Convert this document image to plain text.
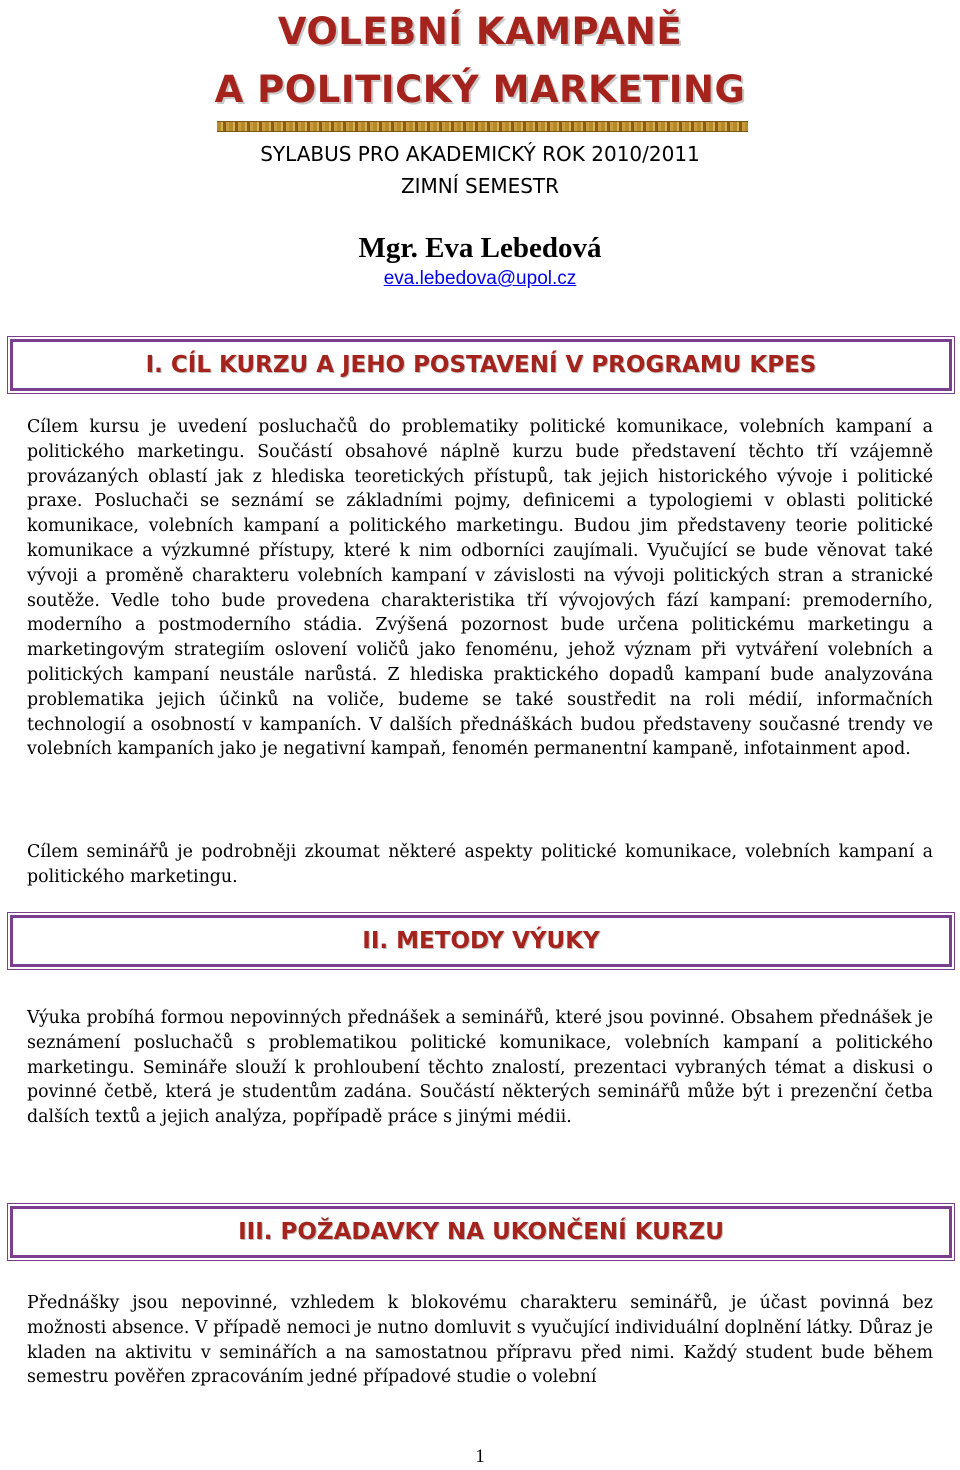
VOLEBNÍ KAMPANĚ
A POLITICKÝ MARKETING
SYLABUS PRO AKADEMICKÝ ROK 2010/2011
ZIMNÍ SEMESTR
Mgr. Eva Lebedová
eva.lebedova@upol.cz
I. CÍL KURZU A JEHO POSTAVENÍ V PROGRAMU KPES

Cílem kursu je uvedení posluchačů do problematiky politické komunikace, volebních kampaní a politického marketingu. Součástí obsahové náplně kurzu bude představení těchto tří vzájemně provázaných oblastí jak z hlediska teoretických přístupů, tak jejich historického vývoje i politické praxe. Posluchači se seznámí se základními pojmy, definicemi a typologiemi v oblasti politické komunikace, volebních kampaní a politického marketingu. Budou jim představeny teorie politické komunikace a výzkumné přístupy, které k nim odborníci zaujímali. Vyučující se bude věnovat také vývoji a proměně charakteru volebních kampaní v závislosti na vývoji politických stran a stranické soutěže. Vedle toho bude provedena charakteristika tří vývojových fází kampaní: premoderního, moderního a postmoderního stádia. Zvýšená pozornost bude určena politickému marketingu a marketingovým strategiím oslovení voličů jako fenoménu, jehož význam při vytváření volebních a politických kampaní neustále narůstá. Z hlediska praktického dopadů kampaní bude analyzována problematika jejich účinků na voliče, budeme se také soustředit na roli médií, informačních technologií a osobností v kampaních. V dalších přednáškách budou představeny současné trendy ve volebních kampaních jako je negativní kampaň, fenomén permanentní kampaně, infotainment apod.

Cílem seminářů je podrobněji zkoumat některé aspekty politické komunikace, volebních kampaní a politického marketingu.

II. METODY VÝUKY

Výuka probíhá formou nepovinných přednášek a seminářů, které jsou povinné. Obsahem přednášek je seznámení posluchačů s problematikou politické komunikace, volebních kampaní a politického marketingu. Semináře slouží k prohloubení těchto znalostí, prezentaci vybraných témat a diskusi o povinné četbě, která je studentům zadána. Součástí některých seminářů může být i prezenční četba dalších textů a jejich analýza, popřípadě práce s jinými médii.

III. POŽADAVKY NA UKONČENÍ KURZU

Přednášky jsou nepovinné, vzhledem k blokovému charakteru seminářů, je účast povinná bez možnosti absence. V případě nemoci je nutno domluvit s vyučující individuální doplnění látky. Důraz je kladen na aktivitu v seminářích a na samostatnou přípravu před nimi. Každý student bude během semestru pověřen zpracováním jedné případové studie o volební

1
